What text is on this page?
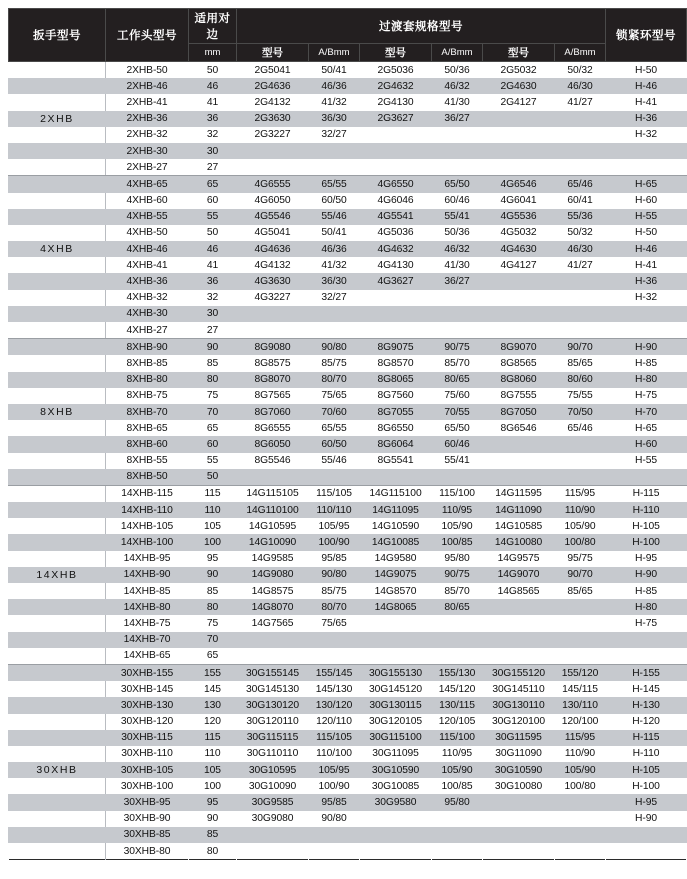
扳手型号	工作头型号	适用对边	过渡套规格型号						锁紧环型号
		mm	型号	A/Bmm	型号	A/Bmm	型号	A/Bmm	
	2XHB-50	50	2G5041	50/41	2G5036	50/36	2G5032	50/32	H-50
	2XHB-46	46	2G4636	46/36	2G4632	46/32	2G4630	46/30	H-46
	2XHB-41	41	2G4132	41/32	2G4130	41/30	2G4127	41/27	H-41
2XHB	2XHB-36	36	2G3630	36/30	2G3627	36/27			H-36
	2XHB-32	32	2G3227	32/27					H-32
	2XHB-30	30							
	2XHB-27	27							
	4XHB-65	65	4G6555	65/55	4G6550	65/50	4G6546	65/46	H-65
	4XHB-60	60	4G6050	60/50	4G6046	60/46	4G6041	60/41	H-60
	4XHB-55	55	4G5546	55/46	4G5541	55/41	4G5536	55/36	H-55
	4XHB-50	50	4G5041	50/41	4G5036	50/36	4G5032	50/32	H-50
4XHB	4XHB-46	46	4G4636	46/36	4G4632	46/32	4G4630	46/30	H-46
	4XHB-41	41	4G4132	41/32	4G4130	41/30	4G4127	41/27	H-41
	4XHB-36	36	4G3630	36/30	4G3627	36/27			H-36
	4XHB-32	32	4G3227	32/27					H-32
	4XHB-30	30							
	4XHB-27	27							
	8XHB-90	90	8G9080	90/80	8G9075	90/75	8G9070	90/70	H-90
	8XHB-85	85	8G8575	85/75	8G8570	85/70	8G8565	85/65	H-85
	8XHB-80	80	8G8070	80/70	8G8065	80/65	8G8060	80/60	H-80
	8XHB-75	75	8G7565	75/65	8G7560	75/60	8G7555	75/55	H-75
8XHB	8XHB-70	70	8G7060	70/60	8G7055	70/55	8G7050	70/50	H-70
	8XHB-65	65	8G6555	65/55	8G6550	65/50	8G6546	65/46	H-65
	8XHB-60	60	8G6050	60/50	8G6064	60/46			H-60
	8XHB-55	55	8G5546	55/46	8G5541	55/41			H-55
	8XHB-50	50							
	14XHB-115	115	14G115105	115/105	14G115100	115/100	14G11595	115/95	H-115
	14XHB-110	110	14G110100	110/110	14G11095	110/95	14G11090	110/90	H-110
	14XHB-105	105	14G10595	105/95	14G10590	105/90	14G10585	105/90	H-105
	14XHB-100	100	14G10090	100/90	14G10085	100/85	14G10080	100/80	H-100
	14XHB-95	95	14G9585	95/85	14G9580	95/80	14G9575	95/75	H-95
14XHB	14XHB-90	90	14G9080	90/80	14G9075	90/75	14G9070	90/70	H-90
	14XHB-85	85	14G8575	85/75	14G8570	85/70	14G8565	85/65	H-85
	14XHB-80	80	14G8070	80/70	14G8065	80/65			H-80
	14XHB-75	75	14G7565	75/65					H-75
	14XHB-70	70							
	14XHB-65	65							
	30XHB-155	155	30G155145	155/145	30G155130	155/130	30G155120	155/120	H-155
	30XHB-145	145	30G145130	145/130	30G145120	145/120	30G145110	145/115	H-145
	30XHB-130	130	30G130120	130/120	30G130115	130/115	30G130110	130/110	H-130
	30XHB-120	120	30G120110	120/110	30G120105	120/105	30G120100	120/100	H-120
	30XHB-115	115	30G115115	115/105	30G115100	115/100	30G11595	115/95	H-115
	30XHB-110	110	30G110110	110/100	30G11095	110/95	30G11090	110/90	H-110
30XHB	30XHB-105	105	30G10595	105/95	30G10590	105/90	30G10590	105/90	H-105
	30XHB-100	100	30G10090	100/90	30G10085	100/85	30G10080	100/80	H-100
	30XHB-95	95	30G9585	95/85	30G9580	95/80			H-95
	30XHB-90	90	30G9080	90/80					H-90
	30XHB-85	85							
	30XHB-80	80							
